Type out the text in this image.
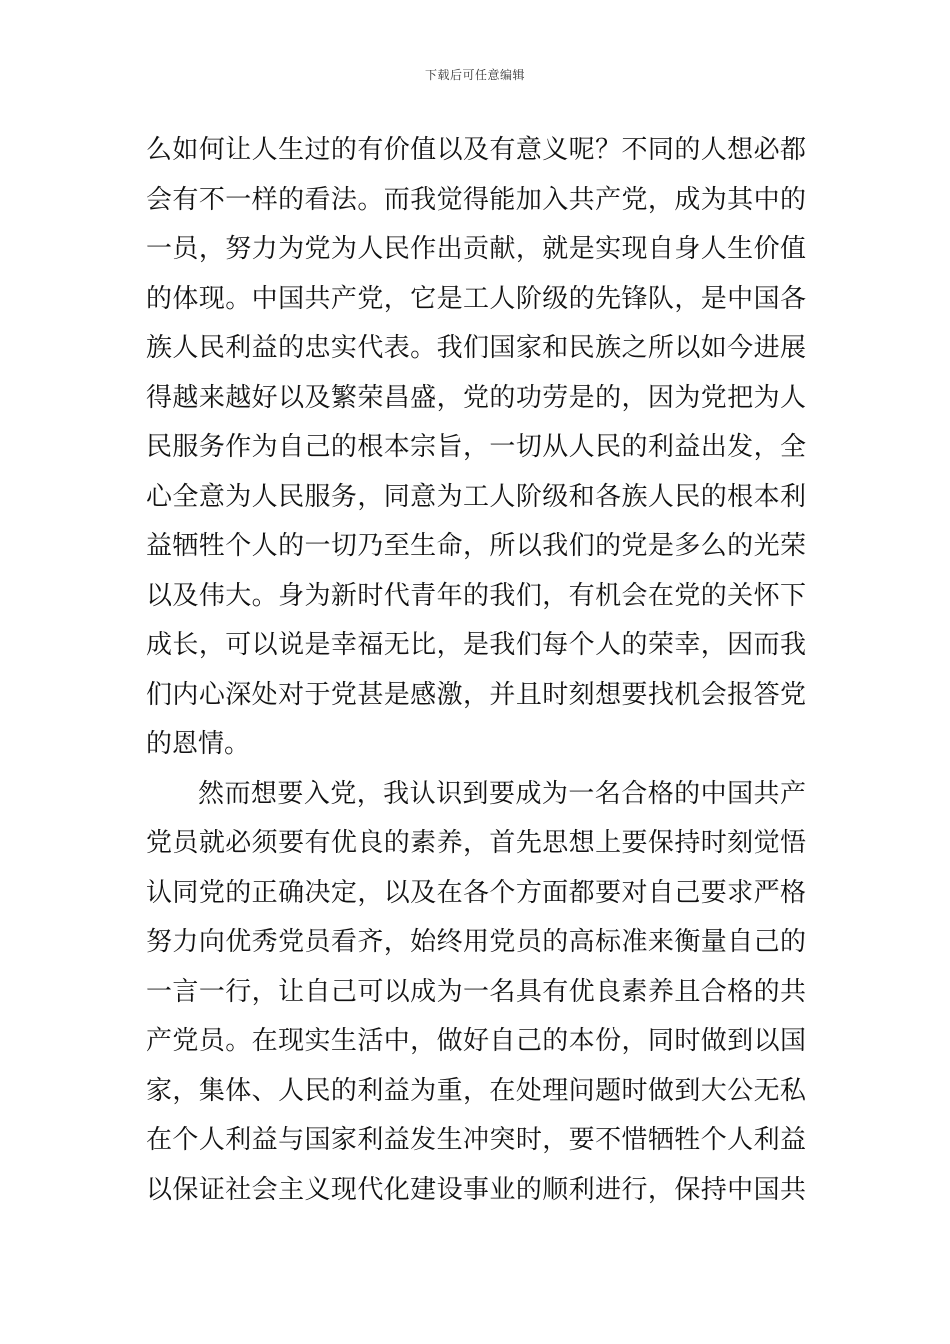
下载后可任意编辑
么如何让人生过的有价值以及有意义呢？不同的人想必都
会有不一样的看法。而我觉得能加入共产党，成为其中的
一员，努力为党为人民作出贡献，就是实现自身人生价值
的体现。中国共产党，它是工人阶级的先锋队，是中国各
族人民利益的忠实代表。我们国家和民族之所以如今进展
得越来越好以及繁荣昌盛，党的功劳是的，因为党把为人
民服务作为自己的根本宗旨，一切从人民的利益出发，全
心全意为人民服务，同意为工人阶级和各族人民的根本利
益牺牲个人的一切乃至生命，所以我们的党是多么的光荣
以及伟大。身为新时代青年的我们，有机会在党的关怀下
成长，可以说是幸福无比，是我们每个人的荣幸，因而我
们内心深处对于党甚是感激，并且时刻想要找机会报答党
的恩情。
然而想要入党，我认识到要成为一名合格的中国共产
党员就必须要有优良的素养，首先思想上要保持时刻觉悟
认同党的正确决定，以及在各个方面都要对自己要求严格
努力向优秀党员看齐，始终用党员的高标准来衡量自己的
一言一行，让自己可以成为一名具有优良素养且合格的共
产党员。在现实生活中，做好自己的本份，同时做到以国
家，集体、人民的利益为重，在处理问题时做到大公无私
在个人利益与国家利益发生冲突时，要不惜牺牲个人利益
以保证社会主义现代化建设事业的顺利进行，保持中国共
